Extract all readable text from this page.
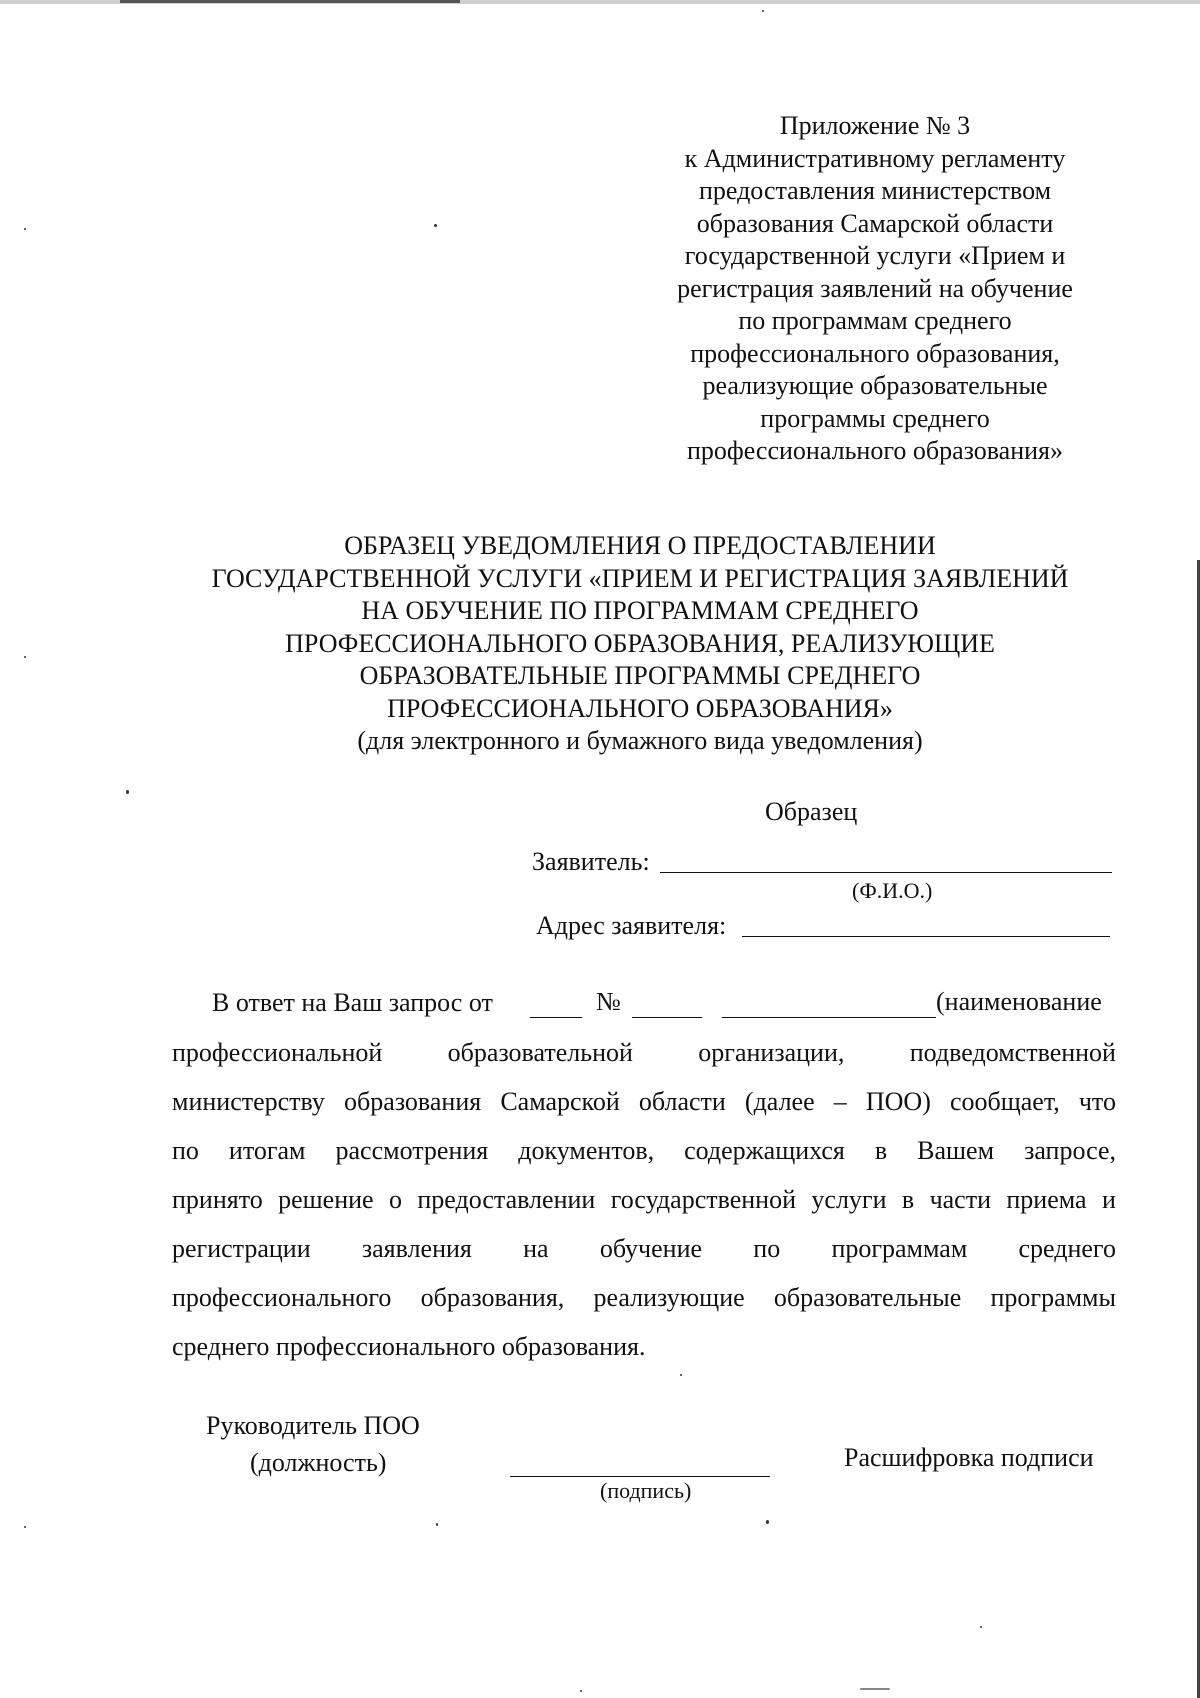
Приложение № 3
к Административному регламенту
предоставления министерством
образования Самарской области
государственной услуги «Прием и
регистрация заявлений на обучение
по программам среднего
профессионального образования,
реализующие образовательные
программы среднего
профессионального образования»
ОБРАЗЕЦ УВЕДОМЛЕНИЯ О ПРЕДОСТАВЛЕНИИ
ГОСУДАРСТВЕННОЙ УСЛУГИ «ПРИЕМ И РЕГИСТРАЦИЯ ЗАЯВЛЕНИЙ
НА ОБУЧЕНИЕ ПО ПРОГРАММАМ СРЕДНЕГО
ПРОФЕССИОНАЛЬНОГО ОБРАЗОВАНИЯ, РЕАЛИЗУЮЩИЕ
ОБРАЗОВАТЕЛЬНЫЕ ПРОГРАММЫ СРЕДНЕГО
ПРОФЕССИОНАЛЬНОГО ОБРАЗОВАНИЯ»
(для электронного и бумажного вида уведомления)
Образец
Заявитель:
(Ф.И.О.)
Адрес заявителя:
В ответ на Ваш запрос от	№	(наименование
профессиональной	образовательной	организации,	подведомственной
министерству образования Самарской области (далее – ПОО) сообщает, что
по итогам рассмотрения документов, содержащихся в Вашем запросе,
принято решение о предоставлении государственной услуги в части приема и
регистрации заявления на обучение по программам среднего
профессионального образования, реализующие образовательные программы
среднего профессионального образования.
Руководитель ПОО
(должность)
(подпись)
Расшифровка подписи
